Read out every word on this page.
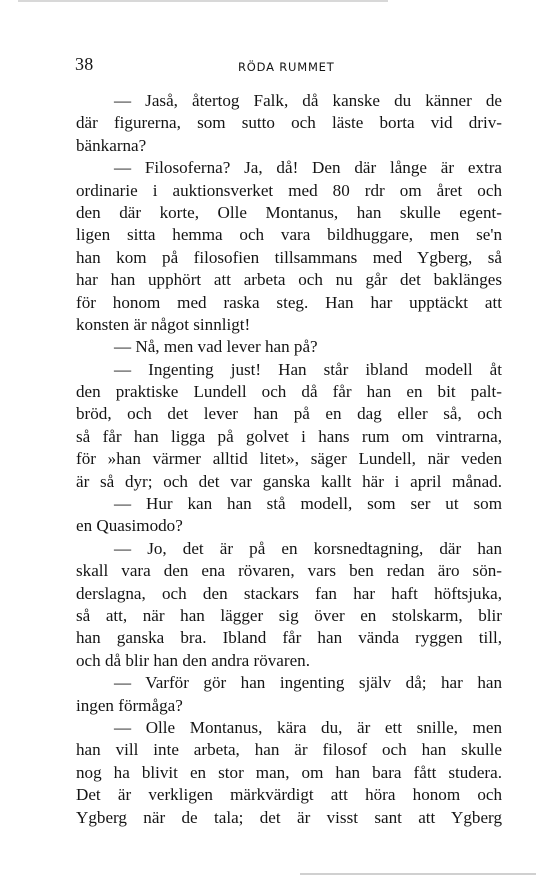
38	RÖDA RUMMET
— Jaså, återtog Falk, då kanske du känner de
där figurerna, som sutto och läste borta vid driv-
bänkarna?
— Filosoferna? Ja, då! Den där långe är extra
ordinarie i auktionsverket med 80 rdr om året och
den där korte, Olle Montanus, han skulle egent-
ligen sitta hemma och vara bildhuggare, men se'n
han kom på filosofien tillsammans med Ygberg, så
har han upphört att arbeta och nu går det baklänges
för honom med raska steg. Han har upptäckt att
konsten är något sinnligt!
— Nå, men vad lever han på?
— Ingenting just! Han står ibland modell åt
den praktiske Lundell och då får han en bit palt-
bröd, och det lever han på en dag eller så, och
så får han ligga på golvet i hans rum om vintrarna,
för »han värmer alltid litet», säger Lundell, när veden
är så dyr; och det var ganska kallt här i april månad.
— Hur kan han stå modell, som ser ut som
en Quasimodo?
— Jo, det är på en korsnedtagning, där han
skall vara den ena rövaren, vars ben redan äro sön-
derslagna, och den stackars fan har haft höftsjuka,
så att, när han lägger sig över en stolskarm, blir
han ganska bra. Ibland får han vända ryggen till,
och då blir han den andra rövaren.
— Varför gör han ingenting själv då; har han
ingen förmåga?
— Olle Montanus, kära du, är ett snille, men
han vill inte arbeta, han är filosof och han skulle
nog ha blivit en stor man, om han bara fått studera.
Det är verkligen märkvärdigt att höra honom och
Ygberg när de tala; det är visst sant att Ygberg
